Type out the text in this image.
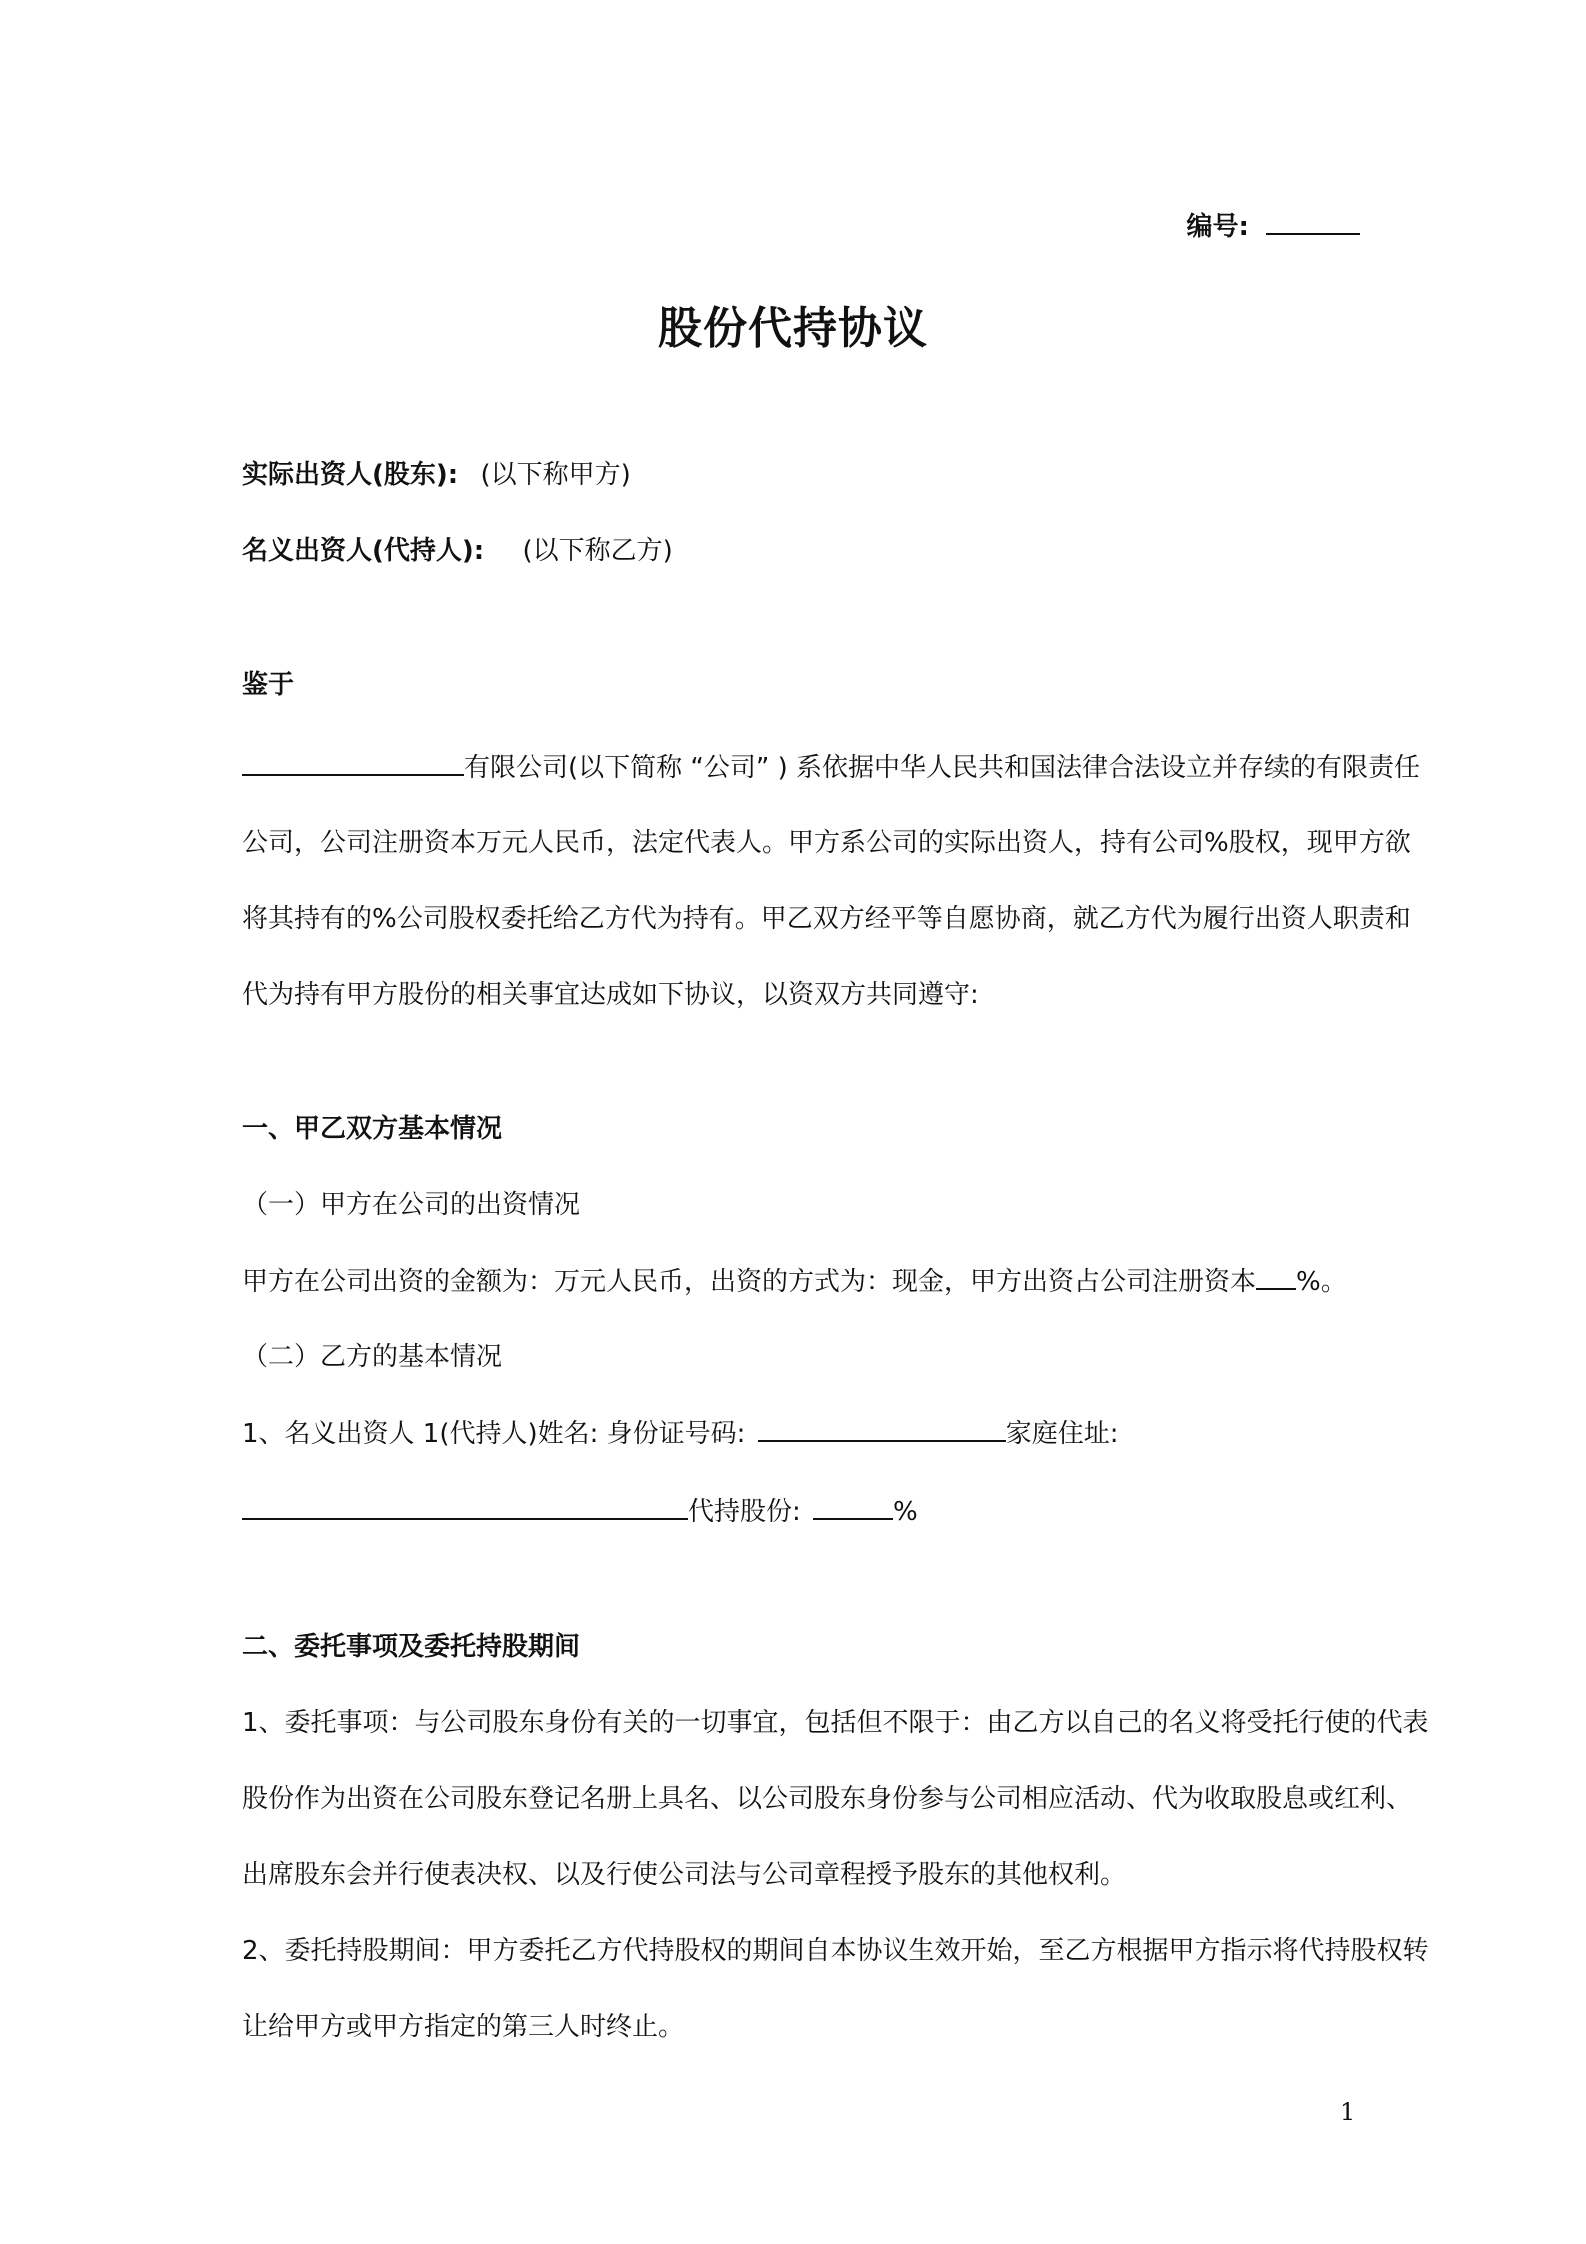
编号:
股份代持协议
实际出资人(股东): (以下称甲方)
名义出资人(代持人): (以下称乙方)
鉴于
有限公司(以下简称 “公司” ) 系依据中华人民共和国法律合法设立并存续的有限责任
公司，公司注册资本万元人民币，法定代表人。甲方系公司的实际出资人，持有公司%股权，现甲方欲
将其持有的%公司股权委托给乙方代为持有。甲乙双方经平等自愿协商，就乙方代为履行出资人职责和
代为持有甲方股份的相关事宜达成如下协议，以资双方共同遵守:
一、甲乙双方基本情况
（一）甲方在公司的出资情况
甲方在公司出资的金额为：万元人民币，出资的方式为：现金，甲方出资占公司注册资本 %。
（二）乙方的基本情况
1、名义出资人 1(代持人)姓名: 身份证号码:	家庭住址:
代持股份:	%
二、委托事项及委托持股期间
1、委托事项：与公司股东身份有关的一切事宜，包括但不限于：由乙方以自己的名义将受托行使的代表
股份作为出资在公司股东登记名册上具名、以公司股东身份参与公司相应活动、代为收取股息或红利、
出席股东会并行使表决权、以及行使公司法与公司章程授予股东的其他权利。
2、委托持股期间：甲方委托乙方代持股权的期间自本协议生效开始，至乙方根据甲方指示将代持股权转
让给甲方或甲方指定的第三人时终止。
1
